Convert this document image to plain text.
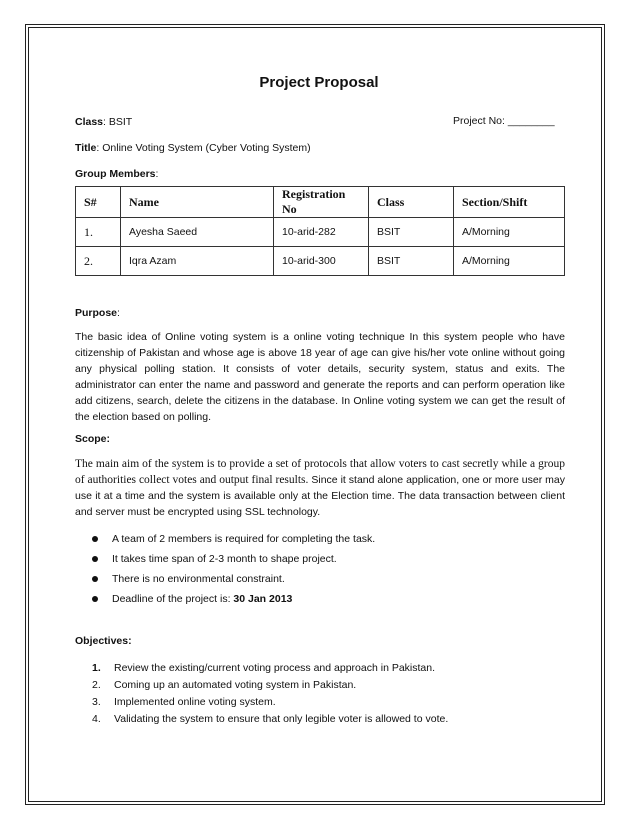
Project Proposal
Class: BSIT	Project No: ________
Title: Online Voting System (Cyber Voting System)
Group Members:
S#	Name	Registration No	Class	Section/Shift
1.	Ayesha Saeed	10-arid-282	BSIT	A/Morning
2.	Iqra Azam	10-arid-300	BSIT	A/Morning
Purpose:
The basic idea of Online voting system is a online voting technique In this system people who have citizenship of Pakistan and whose age is above 18 year of age can give his/her vote online without going any physical polling station. It consists of voter details, security system, status and exits. The administrator can enter the name and password and generate the reports and can perform operation like add citizens, search, delete the citizens in the database. In Online voting system we can get the result of the election based on polling.
Scope:
The main aim of the system is to provide a set of protocols that allow voters to cast secretly while a group of authorities collect votes and output final results. Since it stand alone application, one or more user may use it at a time and the system is available only at the Election time. The data transaction between client and server must be encrypted using SSL technology.
A team of 2 members is required for completing the task.
It takes time span of 2-3 month to shape project.
There is no environmental constraint.
Deadline of the project is: 30 Jan 2013
Objectives:
1. Review the existing/current voting process and approach in Pakistan.
2. Coming up an automated voting system in Pakistan.
3. Implemented online voting system.
4. Validating the system to ensure that only legible voter is allowed to vote.
